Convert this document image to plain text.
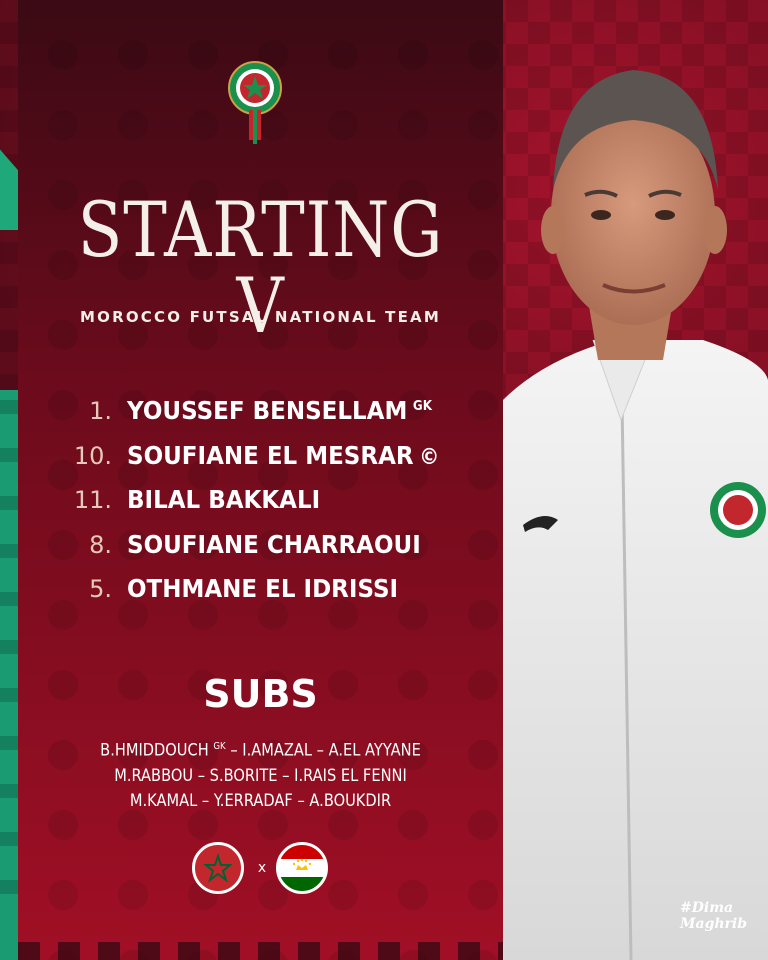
STARTING V
MOROCCO FUTSAL NATIONAL TEAM
1. YOUSSEF BENSELLAM $^{GK}$
10. SOUFIANE EL MESRAR ©
11. BILAL BAKKALI
8. SOUFIANE CHARRAOUI
5. OTHMANE EL IDRISSI
SUBS
B.HMIDDOUCH $^{GK}$ – I.AMAZAL – A.EL AYYANE
M.RABBOU – S.BORITE – I.RAIS EL FENNI
M.KAMAL – Y.ERRADAF – A.BOUKDIR
x
#Dima
Maghrib
